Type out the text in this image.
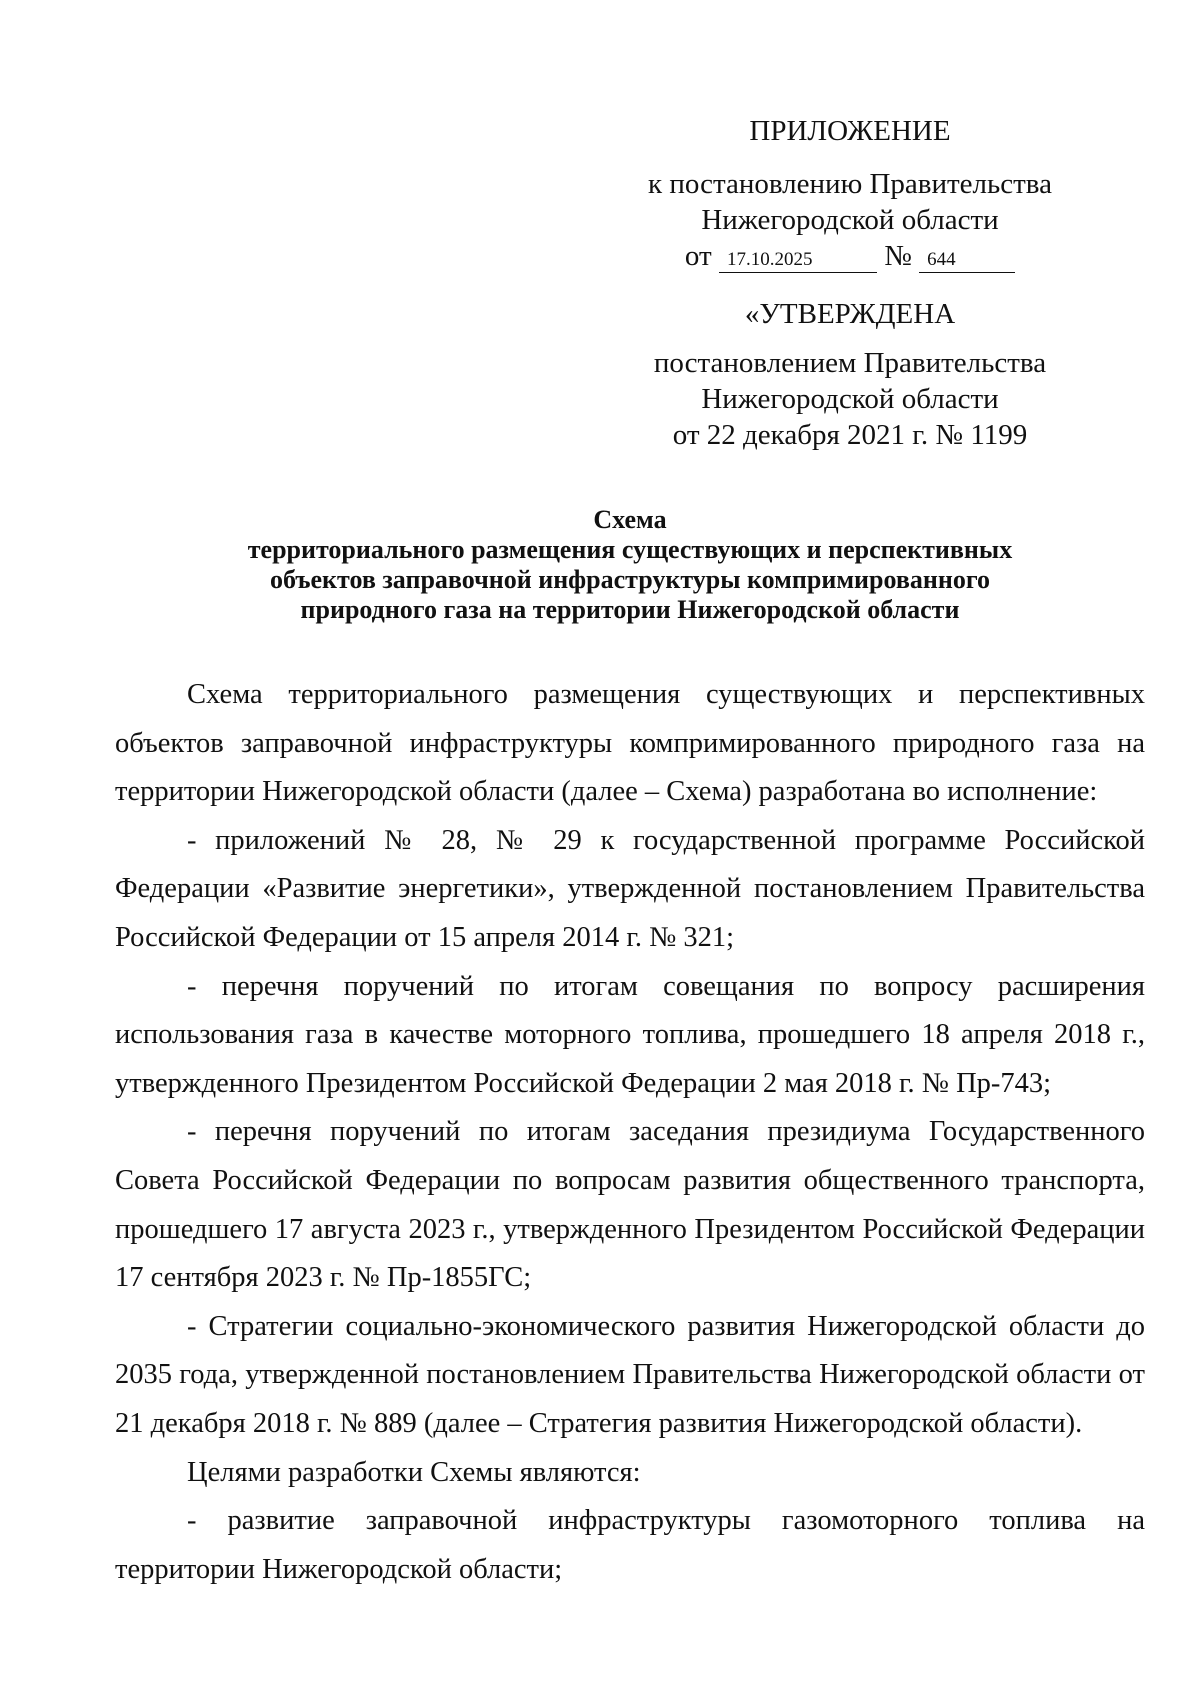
ПРИЛОЖЕНИЕ
к постановлению Правительства
Нижегородской области
от 17.10.2025 № 644
«УТВЕРЖДЕНА
постановлением Правительства
Нижегородской области
от 22 декабря 2021 г. № 1199
Схема
территориального размещения существующих и перспективных
объектов заправочной инфраструктуры компримированного
природного газа на территории Нижегородской области

Схема территориального размещения существующих и перспективных объектов заправочной инфраструктуры компримированного природного газа на территории Нижегородской области (далее – Схема) разработана во исполнение:

- приложений № 28, № 29 к государственной программе Российской Федерации «Развитие энергетики», утвержденной постановлением Правительства Российской Федерации от 15 апреля 2014 г. № 321;

- перечня поручений по итогам совещания по вопросу расширения использования газа в качестве моторного топлива, прошедшего 18 апреля 2018 г., утвержденного Президентом Российской Федерации 2 мая 2018 г. № Пр-743;

- перечня поручений по итогам заседания президиума Государственного Совета Российской Федерации по вопросам развития общественного транспорта, прошедшего 17 августа 2023 г., утвержденного Президентом Российской Федерации 17 сентября 2023 г. № Пр-1855ГС;

- Стратегии социально-экономического развития Нижегородской области до 2035 года, утвержденной постановлением Правительства Нижегородской области от 21 декабря 2018 г. № 889 (далее – Стратегия развития Нижегородской области).

Целями разработки Схемы являются:

- развитие заправочной инфраструктуры газомоторного топлива на территории Нижегородской области;
